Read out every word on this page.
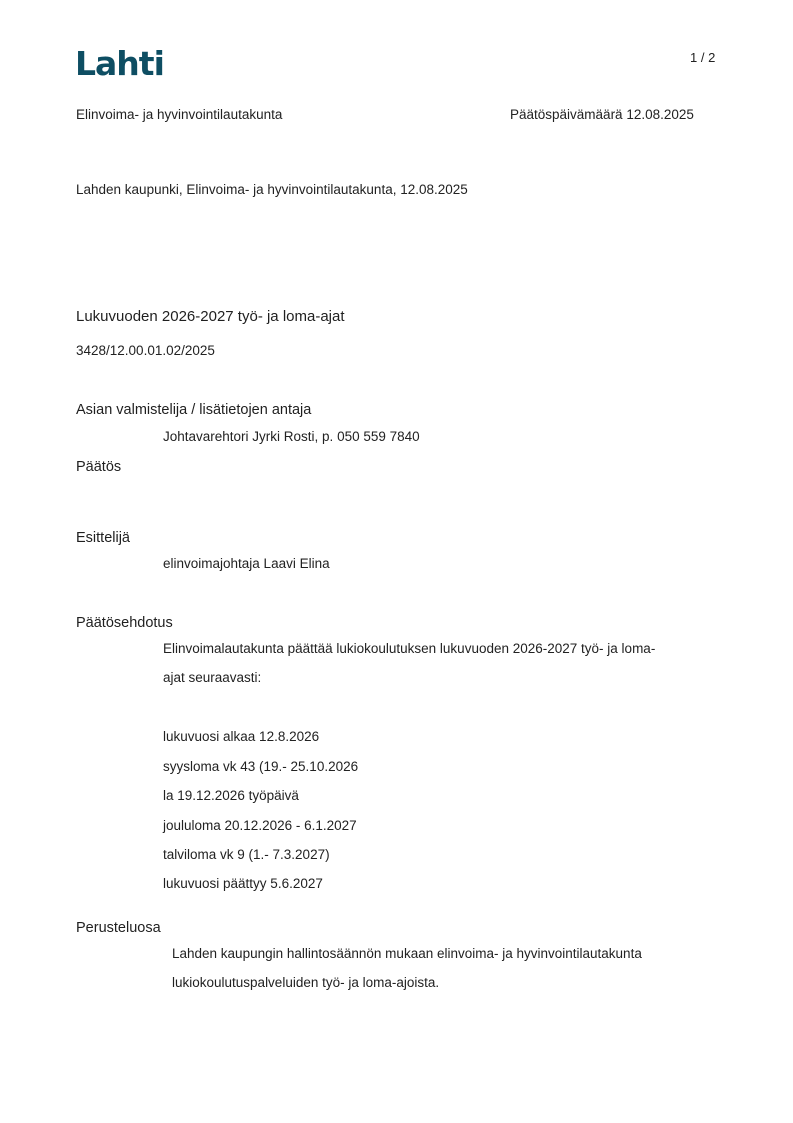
Lahti	1 / 2
Elinvoima- ja hyvinvointilautakunta	Päätöspäivämäärä 12.08.2025
Lahden kaupunki, Elinvoima- ja hyvinvointilautakunta, 12.08.2025
Lukuvuoden 2026-2027 työ- ja loma-ajat
3428/12.00.01.02/2025
Asian valmistelija / lisätietojen antaja
Johtavarehtori Jyrki Rosti, p. 050 559 7840
Päätös
Esittelijä
elinvoimajohtaja Laavi Elina
Päätösehdotus
Elinvoimalautakunta päättää lukiokoulutuksen lukuvuoden 2026-2027 työ- ja loma-
ajat seuraavasti:
lukuvuosi alkaa 12.8.2026
syysloma vk 43 (19.- 25.10.2026
la 19.12.2026 työpäivä
joululoma 20.12.2026 - 6.1.2027
talviloma vk 9 (1.- 7.3.2027)
lukuvuosi päättyy 5.6.2027
Perusteluosa
Lahden kaupungin hallintosäännön mukaan elinvoima- ja hyvinvointilautakunta
lukiokoulutuspalveluiden työ- ja loma-ajoista.
